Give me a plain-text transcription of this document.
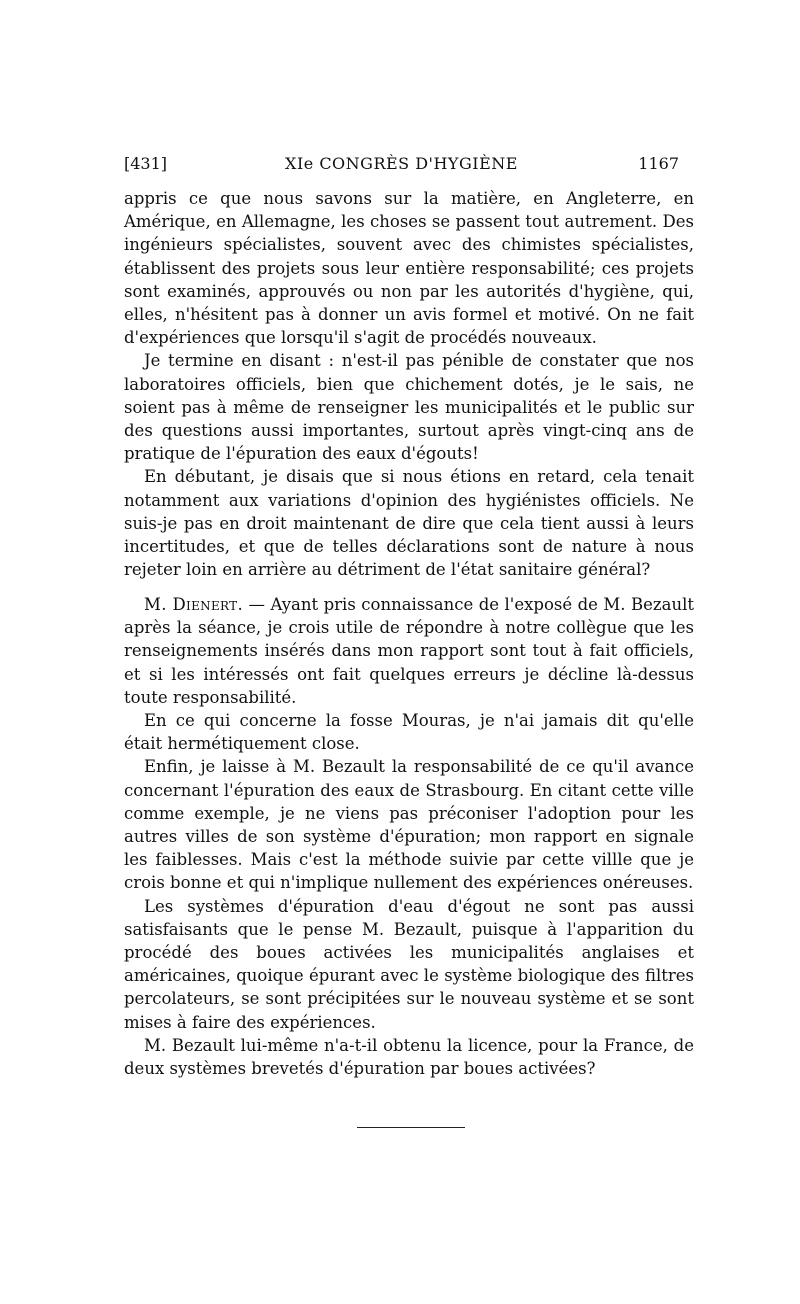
[431]	XIe CONGRÈS D'HYGIÈNE	1167

appris ce que nous savons sur la matière, en Angleterre, en Amérique, en Allemagne, les choses se passent tout autrement. Des ingénieurs spécialistes, souvent avec des chimistes spécialistes, établissent des projets sous leur entière responsabilité; ces projets sont examinés, approuvés ou non par les autorités d'hygiène, qui, elles, n'hésitent pas à donner un avis formel et motivé. On ne fait d'expériences que lorsqu'il s'agit de procédés nouveaux.

Je termine en disant : n'est-il pas pénible de constater que nos laboratoires officiels, bien que chichement dotés, je le sais, ne soient pas à même de renseigner les municipalités et le public sur des questions aussi importantes, surtout après vingt-cinq ans de pratique de l'épuration des eaux d'égouts!

En débutant, je disais que si nous étions en retard, cela tenait notamment aux variations d'opinion des hygiénistes officiels. Ne suis-je pas en droit maintenant de dire que cela tient aussi à leurs incertitudes, et que de telles déclarations sont de nature à nous rejeter loin en arrière au détriment de l'état sanitaire général?

M. Dienert. — Ayant pris connaissance de l'exposé de M. Bezault après la séance, je crois utile de répondre à notre collègue que les renseignements insérés dans mon rapport sont tout à fait officiels, et si les intéressés ont fait quelques erreurs je décline là-dessus toute responsabilité.

En ce qui concerne la fosse Mouras, je n'ai jamais dit qu'elle était hermétiquement close.

Enfin, je laisse à M. Bezault la responsabilité de ce qu'il avance concernant l'épuration des eaux de Strasbourg. En citant cette ville comme exemple, je ne viens pas préconiser l'adoption pour les autres villes de son système d'épuration; mon rapport en signale les faiblesses. Mais c'est la méthode suivie par cette villle que je crois bonne et qui n'implique nullement des expériences onéreuses.

Les systèmes d'épuration d'eau d'égout ne sont pas aussi satisfaisants que le pense M. Bezault, puisque à l'apparition du procédé des boues activées les municipalités anglaises et américaines, quoique épurant avec le système biologique des filtres percolateurs, se sont précipitées sur le nouveau système et se sont mises à faire des expériences.

M. Bezault lui-même n'a-t-il obtenu la licence, pour la France, de deux systèmes brevetés d'épuration par boues activées?
